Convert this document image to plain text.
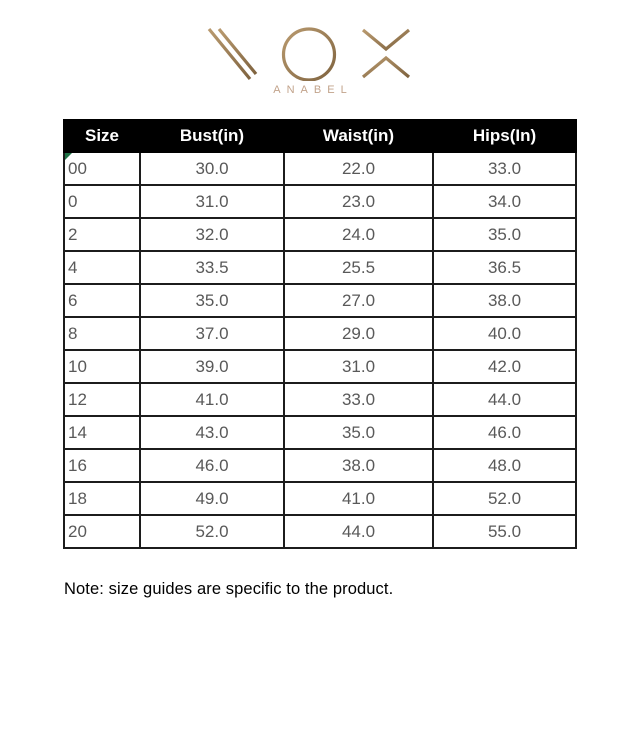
ANABEL
Size	Bust(in)	Waist(in)	Hips(In)

00	30.0	22.0	33.0
0	31.0	23.0	34.0
2	32.0	24.0	35.0
4	33.5	25.5	36.5
6	35.0	27.0	38.0
8	37.0	29.0	40.0
10	39.0	31.0	42.0
12	41.0	33.0	44.0
14	43.0	35.0	46.0
16	46.0	38.0	48.0
18	49.0	41.0	52.0
20	52.0	44.0	55.0

Note: size guides are specific to the product.
